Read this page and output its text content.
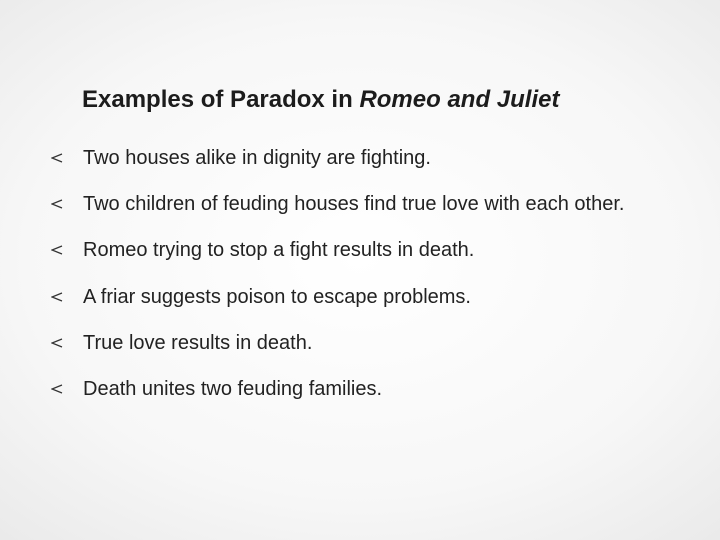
Examples of Paradox in Romeo and Juliet
Two houses alike in dignity are fighting.
Two children of feuding houses find true love with each other.
Romeo trying to stop a fight results in death.
A friar suggests poison to escape problems.
True love results in death.
Death unites two feuding families.
